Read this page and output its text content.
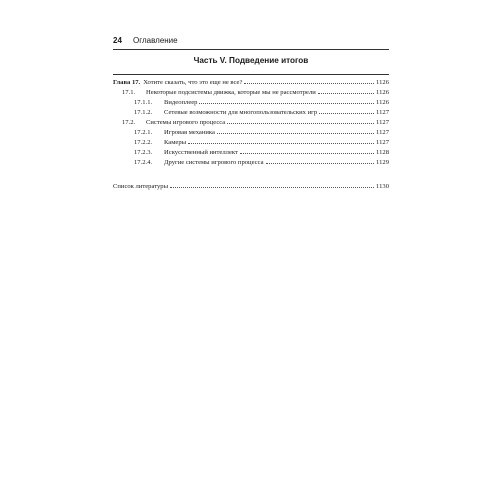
24 Оглавление
Часть V. Подведение итогов
Глава 17. Хотите сказать, что это еще не все?	1126
17.1.	Некоторые подсистемы движка, которые мы не рассмотрели	1126
17.1.1.	Видеоплеер	1126
17.1.2.	Сетевые возможности для многопользовательских игр	1127
17.2.	Системы игрового процесса	1127
17.2.1.	Игровая механика	1127
17.2.2.	Камеры	1127
17.2.3.	Искусственный интеллект	1128
17.2.4.	Другие системы игрового процесса	1129
Список литературы	1130
